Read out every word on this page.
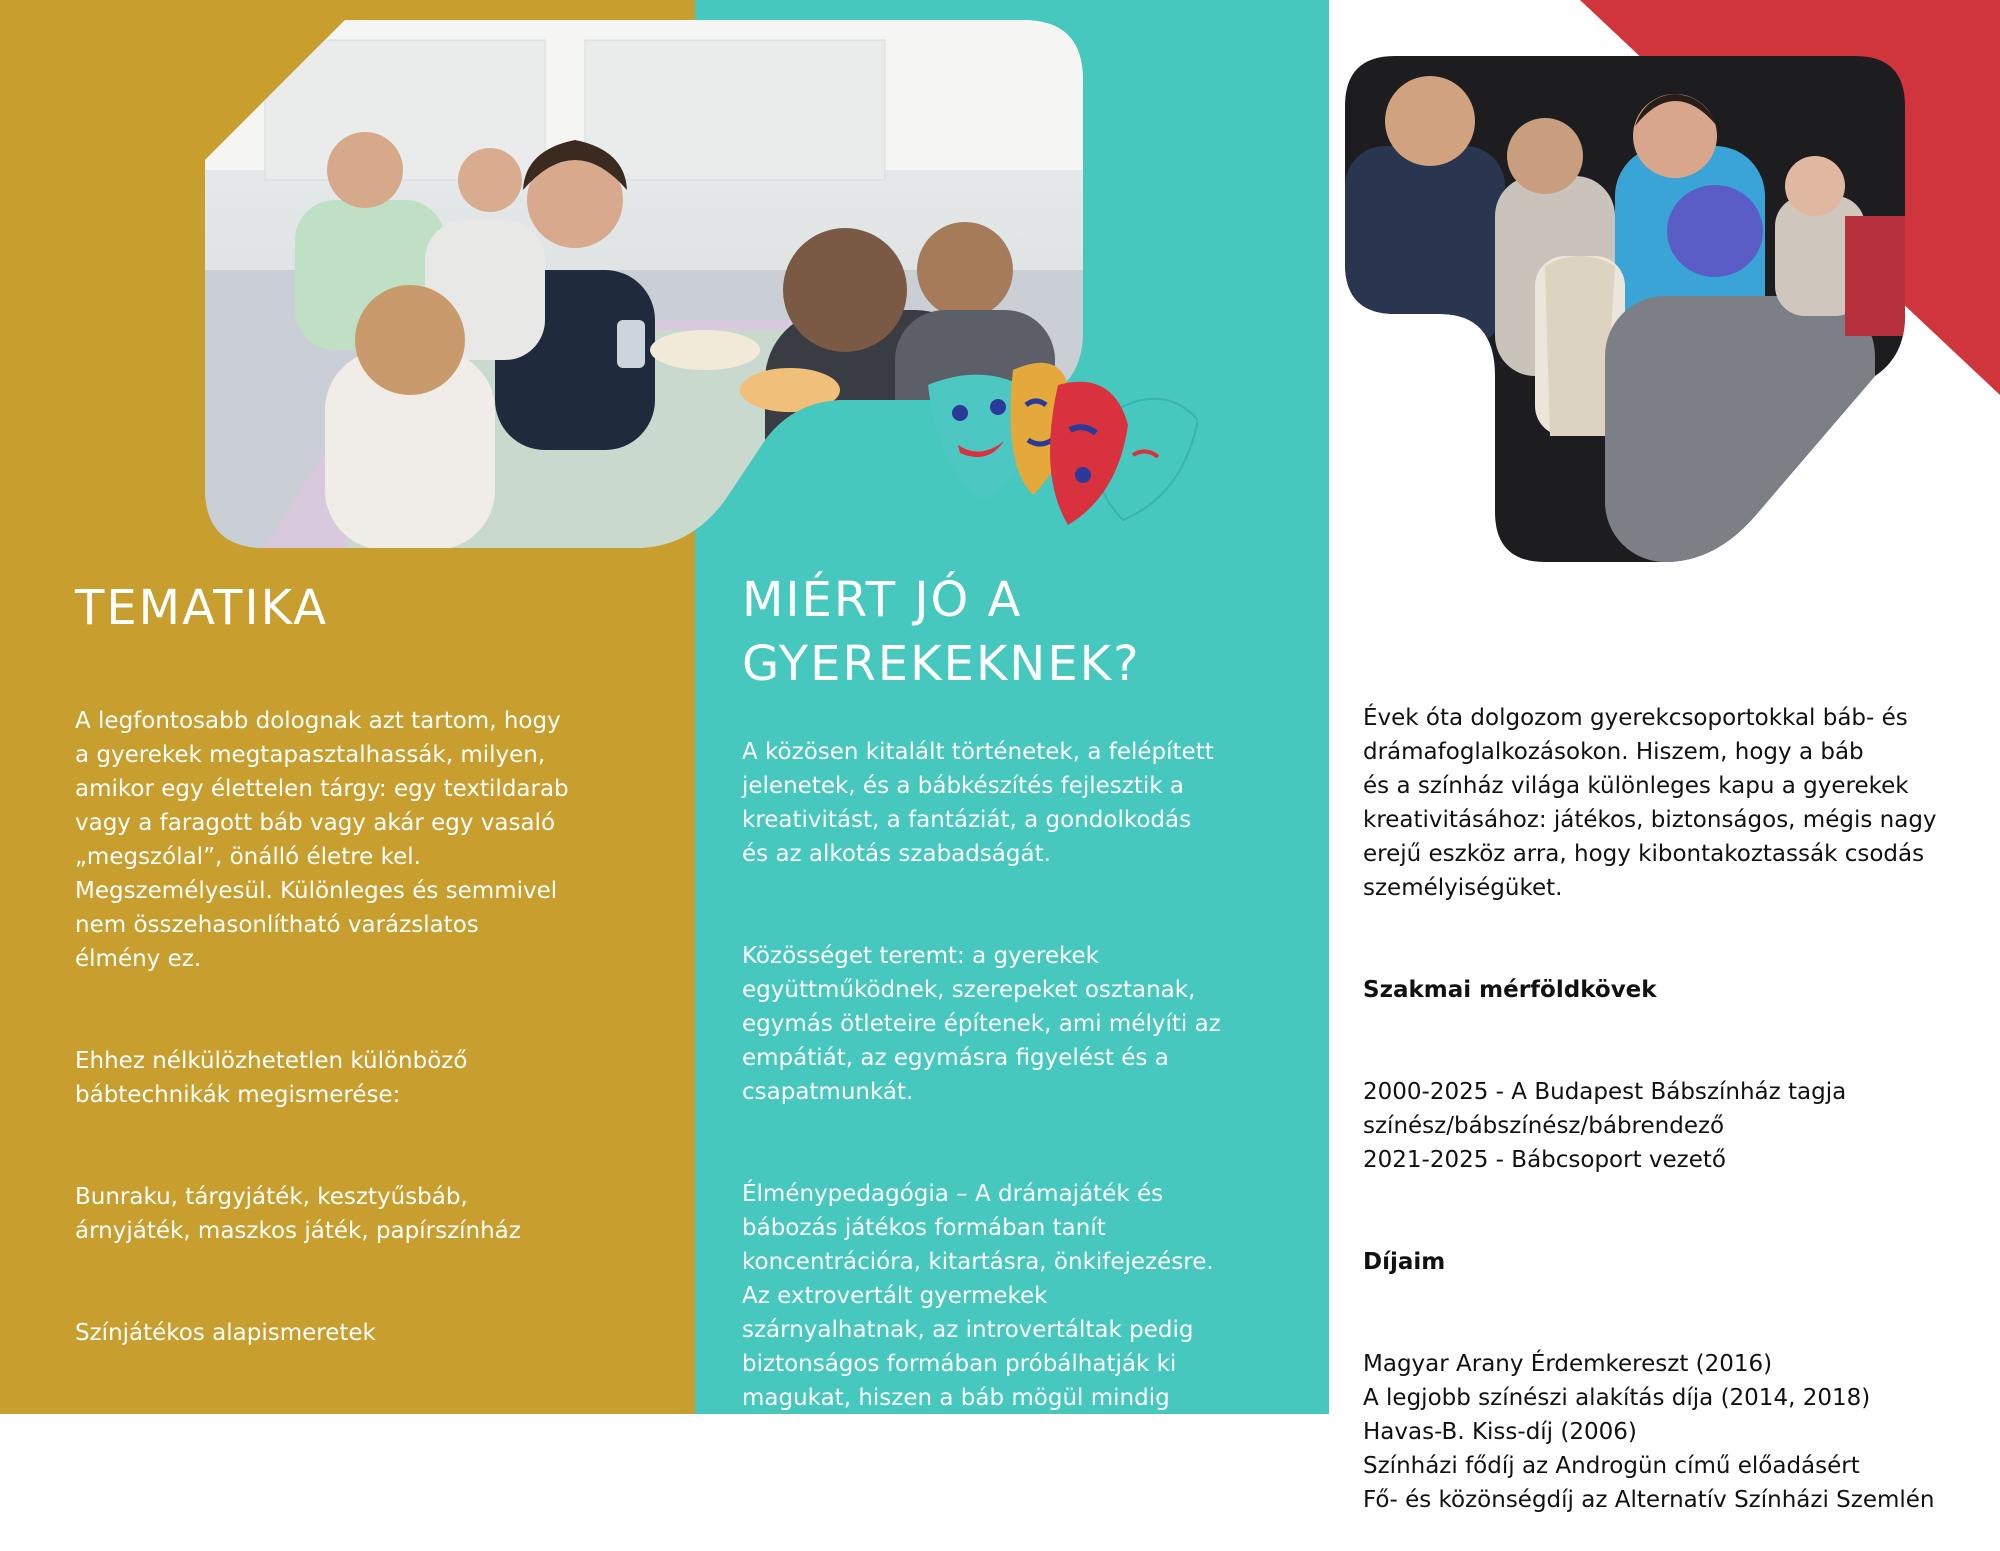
TEMATIKA

A legfontosabb dolognak azt tartom, hogy
a gyerekek megtapasztalhassák, milyen,
amikor egy élettelen tárgy: egy textildarab
vagy a faragott báb vagy akár egy vasaló
„megszólal”, önálló életre kel.
Megszemélyesül. Különleges és semmivel
nem összehasonlítható varázslatos
élmény ez.

Ehhez nélkülözhetetlen különböző
bábtechnikák megismerése:

Bunraku, tárgyjáték, kesztyűsbáb,
árnyjáték, maszkos játék, papírszínház

Színjátékos alapismeretek

Mozgás, bábmozgatás, beszédtechnika,
színpadi beszéd, stb.

MIÉRT JÓ A GYEREKEKNEK?

A közösen kitalált történetek, a felépített
jelenetek, és a bábkészítés fejlesztik a
kreativitást, a fantáziát, a gondolkodás
és az alkotás szabadságát.

Közösséget teremt: a gyerekek
együttműködnek, szerepeket osztanak,
egymás ötleteire építenek, ami mélyíti az
empátiát, az egymásra figyelést és a
csapatmunkát.

Élménypedagógia – A drámajáték és
bábozás játékos formában tanít
koncentrációra, kitartásra, önkifejezésre.
Az extrovertált gyermekek
szárnyalhatnak, az introvertáltak pedig
biztonságos formában próbálhatják ki
magukat, hiszen a báb mögül mindig
sokkal könnyebb megszólalni.

Évek óta dolgozom gyerekcsoportokkal báb- és
drámafoglalkozásokon. Hiszem, hogy a báb
és a színház világa különleges kapu a gyerekek
kreativitásához: játékos, biztonságos, mégis nagy
erejű eszköz arra, hogy kibontakoztassák csodás
személyiségüket.

Szakmai mérföldkövek

2000-2025 - A Budapest Bábszínház tagja
színész/bábszínész/bábrendező
2021-2025 - Bábcsoport vezető

Díjaim

Magyar Arany Érdemkereszt (2016)
A legjobb színészi alakítás díja (2014, 2018)
Havas-B. Kiss-díj (2006)
Színházi fődíj az Androgün című előadásért
Fő- és közönségdíj az Alternatív Színházi Szemlén
